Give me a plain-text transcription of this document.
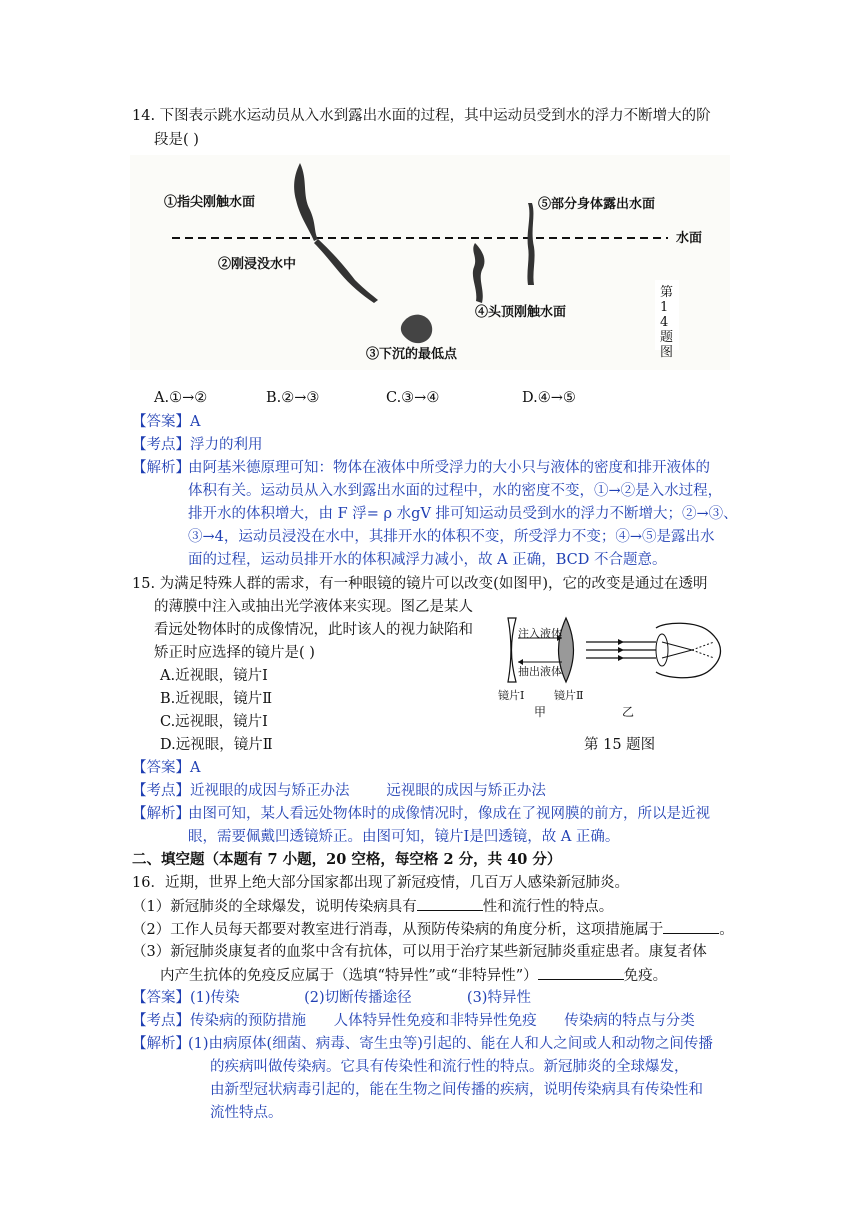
14. 下图表示跳水运动员从入水到露出水面的过程，其中运动员受到水的浮力不断增大的阶
段是( )
①指尖刚触水面
②刚浸没水中
③下沉的最低点
④头顶刚触水面
⑤部分身体露出水面
水面
第14题图
A.①→②	B.②→③	C.③→④	D.④→⑤
【答案】A
【考点】浮力的利用
【解析】
由阿基米德原理可知：物体在液体中所受浮力的大小只与液体的密度和排开液体的
体积有关。运动员从入水到露出水面的过程中，水的密度不变，①→②是入水过程，
排开水的体积增大，由 F 浮= ρ 水gV 排可知运动员受到水的浮力不断增大；②→③、
③→4，运动员浸没在水中，其排开水的体积不变，所受浮力不变；④→⑤是露出水
面的过程，运动员排开水的体积减浮力减小，故 A 正确，BCD 不合题意。
15. 为满足特殊人群的需求，有一种眼镜的镜片可以改变(如图甲)，它的改变是通过在透明
的薄膜中注入或抽出光学液体来实现。图乙是某人
看远处物体时的成像情况，此时该人的视力缺陷和
矫正时应选择的镜片是( )
A.近视眼，镜片Ⅰ
B.近视眼，镜片Ⅱ
C.远视眼，镜片Ⅰ
D.远视眼，镜片Ⅱ
注入液体
抽出液体
镜片Ⅰ	镜片Ⅱ
甲	乙
第 15 题图
【答案】A
【考点】近视眼的成因与矫正办法        远视眼的成因与矫正办法
【解析】
由图可知，某人看远处物体时的成像情况时，像成在了视网膜的前方，所以是近视
眼，需要佩戴凹透镜矫正。由图可知，镜片Ⅰ是凹透镜，故 A 正确。
二、填空题（本题有 7 小题，20 空格，每空格 2 分，共 40 分）
16．近期，世界上绝大部分国家都出现了新冠疫情，几百万人感染新冠肺炎。
（1）新冠肺炎的全球爆发，说明传染病具有	性和流行性的特点。
（2）工作人员每天都要对教室进行消毒，从预防传染病的角度分析，这项措施属于	。
（3）新冠肺炎康复者的血浆中含有抗体，可以用于治疗某些新冠肺炎重症患者。康复者体
内产生抗体的免疫反应属于（选填“特异性”或“非特异性”）	免疫。
【答案】(1)传染              (2)切断传播途径            (3)特异性
【考点】传染病的预防措施      人体特异性免疫和非特异性免疫      传染病的特点与分类
【解析】
(1)由病原体(细菌、病毒、寄生虫等)引起的、能在人和人之间或人和动物之间传播
的疾病叫做传染病。它具有传染性和流行性的特点。新冠肺炎的全球爆发，
由新型冠状病毒引起的，能在生物之间传播的疾病，说明传染病具有传染性和
流性特点。
